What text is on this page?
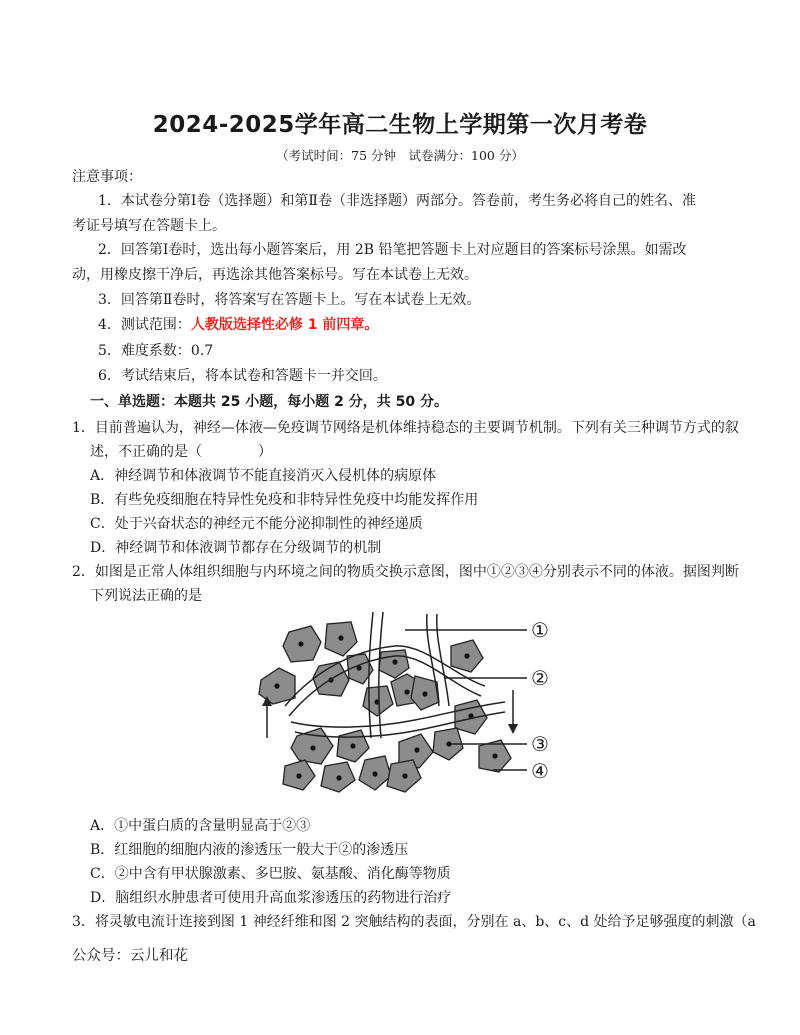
2024-2025学年高二生物上学期第一次月考卷
（考试时间：75 分钟　试卷满分：100 分）
注意事项：
1．本试卷分第Ⅰ卷（选择题）和第Ⅱ卷（非选择题）两部分。答卷前，考生务必将自己的姓名、准
考证号填写在答题卡上。
2．回答第Ⅰ卷时，选出每小题答案后，用 2B 铅笔把答题卡上对应题目的答案标号涂黑。如需改
动，用橡皮擦干净后，再选涂其他答案标号。写在本试卷上无效。
3．回答第Ⅱ卷时，将答案写在答题卡上。写在本试卷上无效。
4．测试范围：人教版选择性必修 1 前四章。
5．难度系数：0.7
6．考试结束后，将本试卷和答题卡一并交回。
一、单选题：本题共 25 小题，每小题 2 分，共 50 分。
1．目前普遍认为，神经—体液—免疫调节网络是机体维持稳态的主要调节机制。下列有关三种调节方式的叙
述，不正确的是（　　　　）
A．神经调节和体液调节不能直接消灭入侵机体的病原体
B．有些免疫细胞在特异性免疫和非特异性免疫中均能发挥作用
C．处于兴奋状态的神经元不能分泌抑制性的神经递质
D．神经调节和体液调节都存在分级调节的机制
2．如图是正常人体组织细胞与内环境之间的物质交换示意图，图中①②③④分别表示不同的体液。据图判断
下列说法正确的是
①
②
③
④
A．①中蛋白质的含量明显高于②③
B．红细胞的细胞内液的渗透压一般大于②的渗透压
C．②中含有甲状腺激素、多巴胺、氨基酸、消化酶等物质
D．脑组织水肿患者可使用升高血浆渗透压的药物进行治疗
3．将灵敏电流计连接到图 1 神经纤维和图 2 突触结构的表面，分别在 a、b、c、d 处给予足够强度的刺激（a
公众号：云儿和花
